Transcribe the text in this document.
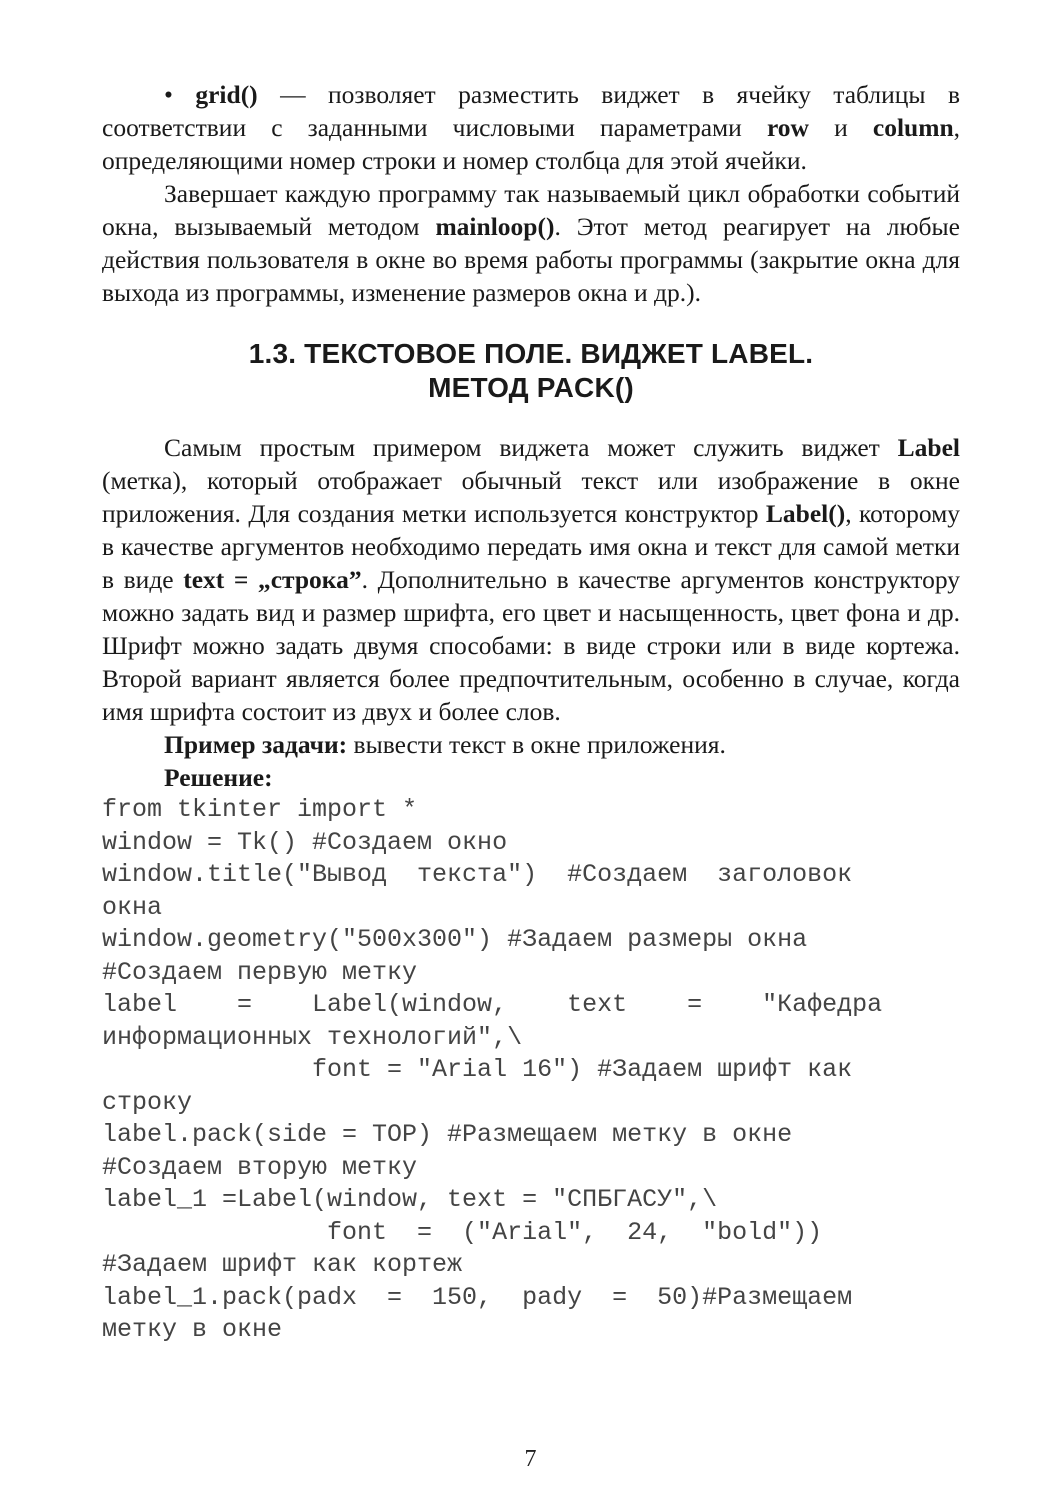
• grid() — позволяет разместить виджет в ячейку таблицы в соответствии с заданными числовыми параметрами row и column, определяющими номер строки и номер столбца для этой ячейки.

Завершает каждую программу так называемый цикл обработки событий окна, вызываемый методом mainloop(). Этот метод реагирует на любые действия пользователя в окне во время работы программы (закрытие окна для выхода из программы, изменение размеров окна и др.).

1.3. ТЕКСТОВОЕ ПОЛЕ. ВИДЖЕТ LABEL.
МЕТОД PACK()

Самым простым примером виджета может служить виджет Label (метка), который отображает обычный текст или изображение в окне приложения. Для создания метки используется конструктор Label(), которому в качестве аргументов необходимо передать имя окна и текст для самой метки в виде text = „строка”. Дополнительно в качестве аргументов конструктору можно задать вид и размер шрифта, его цвет и насыщенность, цвет фона и др. Шрифт можно задать двумя способами: в виде строки или в виде кортежа. Второй вариант является более предпочтительным, особенно в случае, когда имя шрифта состоит из двух и более слов.

Пример задачи: вывести текст в окне приложения.

Решение:

from tkinter import *
window = Tk() #Создаем окно
window.title("Вывод  текста")  #Создаем  заголовок
окна
window.geometry("500x300") #Задаем размеры окна
#Создаем первую метку
label    =    Label(window,    text    =    "Кафедра
информационных технологий",\
font = "Arial 16") #Задаем шрифт как
строку
label.pack(side = TOP) #Размещаем метку в окне
#Создаем вторую метку
label_1 =Label(window, text = "СПБГАСУ",\
font  =  ("Arial",  24,  "bold"))
#Задаем шрифт как кортеж
label_1.pack(padx  =  150,  pady  =  50)#Размещаем
метку в окне
7
